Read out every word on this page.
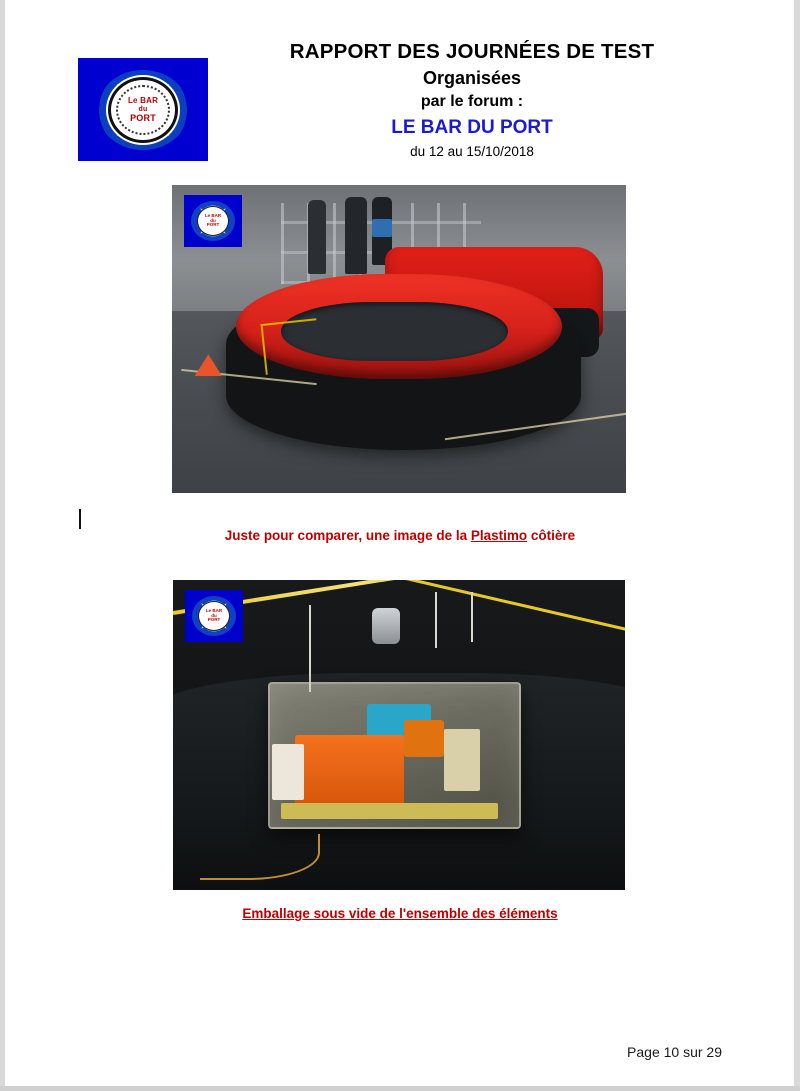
Le BAR
du
PORT
RAPPORT DES JOURNÉES DE TEST
Organisées
par le forum :
LE BAR DU PORT
du 12 au 15/10/2018
Le BAR
du
PORT
Juste pour comparer, une image de la Plastimo côtière
Le BAR
du
PORT
Emballage sous vide de l'ensemble des éléments
Page 10 sur 29
